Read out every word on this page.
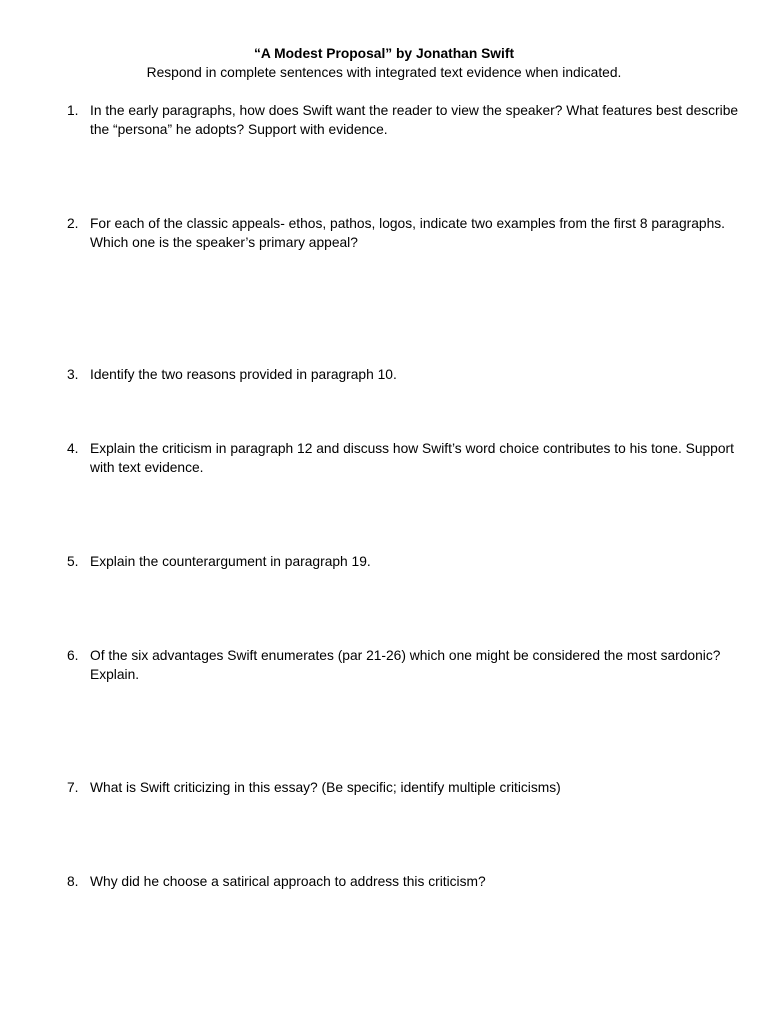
“A Modest Proposal” by Jonathan Swift
Respond in complete sentences with integrated text evidence when indicated.
1. In the early paragraphs, how does Swift want the reader to view the speaker? What features best describe the “persona” he adopts? Support with evidence.
2. For each of the classic appeals- ethos, pathos, logos, indicate two examples from the first 8 paragraphs. Which one is the speaker’s primary appeal?
3. Identify the two reasons provided in paragraph 10.
4. Explain the criticism in paragraph 12 and discuss how Swift’s word choice contributes to his tone. Support with text evidence.
5. Explain the counterargument in paragraph 19.
6. Of the six advantages Swift enumerates (par 21-26) which one might be considered the most sardonic? Explain.
7. What is Swift criticizing in this essay? (Be specific; identify multiple criticisms)
8. Why did he choose a satirical approach to address this criticism?
